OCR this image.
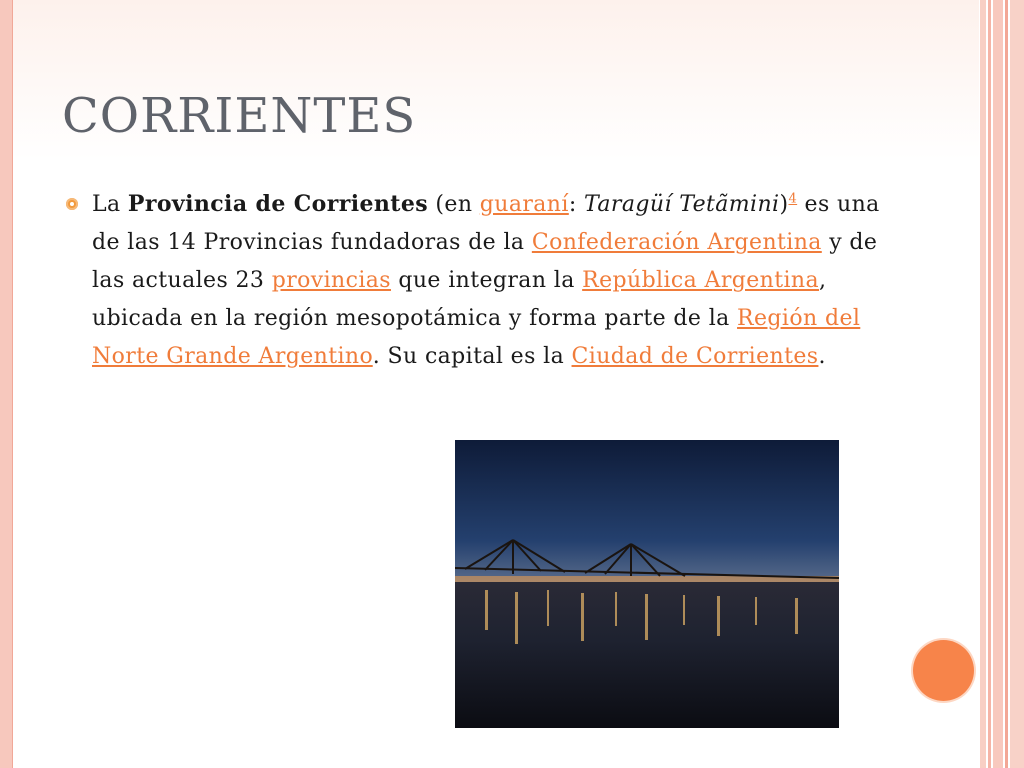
CORRIENTES

La Provincia de Corrientes (en guaraní: Taragüí Tetãmini)$^4$ es una de las 14 Provincias fundadoras de la Confederación Argentina y de las actuales 23 provincias que integran la República Argentina, ubicada en la región mesopotámica y forma parte de la Región del Norte Grande Argentino. Su capital es la Ciudad de Corrientes.
